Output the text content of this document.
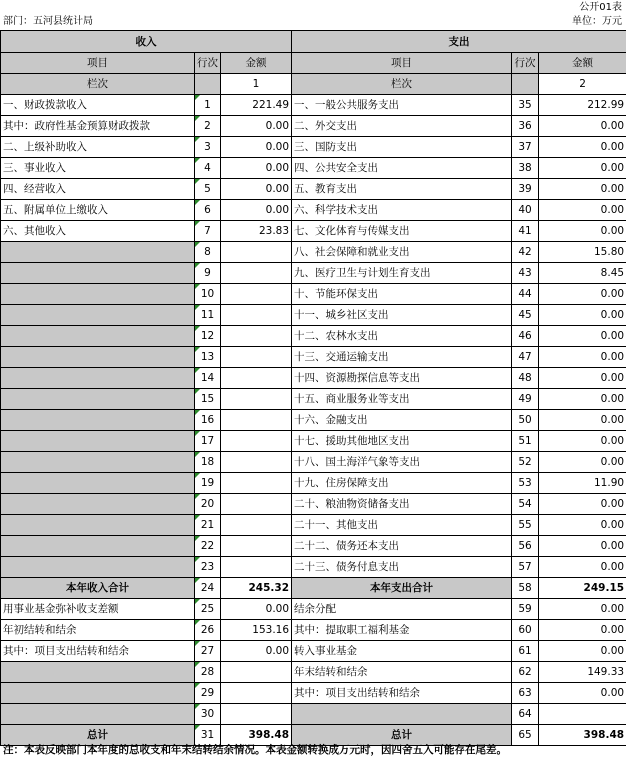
公开01表
部门：五河县统计局	单位：万元
收入			支出		
项目	行次	金额	项目	行次	金额
栏次		1	栏次		2
一、财政拨款收入	1	221.49	一、一般公共服务支出	35	212.99
其中：政府性基金预算财政拨款	2	0.00	二、外交支出	36	0.00
二、上级补助收入	3	0.00	三、国防支出	37	0.00
三、事业收入	4	0.00	四、公共安全支出	38	0.00
四、经营收入	5	0.00	五、教育支出	39	0.00
五、附属单位上缴收入	6	0.00	六、科学技术支出	40	0.00
六、其他收入	7	23.83	七、文化体育与传媒支出	41	0.00
	8		八、社会保障和就业支出	42	15.80
	9		九、医疗卫生与计划生育支出	43	8.45
	10		十、节能环保支出	44	0.00
	11		十一、城乡社区支出	45	0.00
	12		十二、农林水支出	46	0.00
	13		十三、交通运输支出	47	0.00
	14		十四、资源勘探信息等支出	48	0.00
	15		十五、商业服务业等支出	49	0.00
	16		十六、金融支出	50	0.00
	17		十七、援助其他地区支出	51	0.00
	18		十八、国土海洋气象等支出	52	0.00
	19		十九、住房保障支出	53	11.90
	20		二十、粮油物资储备支出	54	0.00
	21		二十一、其他支出	55	0.00
	22		二十二、债务还本支出	56	0.00
	23		二十三、债务付息支出	57	0.00
本年收入合计	24	245.32	本年支出合计	58	249.15
用事业基金弥补收支差额	25	0.00	结余分配	59	0.00
年初结转和结余	26	153.16	其中：提取职工福利基金	60	0.00
其中：项目支出结转和结余	27	0.00	转入事业基金	61	0.00
	28		年末结转和结余	62	149.33
	29		其中：项目支出结转和结余	63	0.00
	30			64	
总计	31	398.48	总计	65	398.48
注：本表反映部门本年度的总收支和年末结转结余情况。本表金额转换成万元时，因四舍五入可能存在尾差。
